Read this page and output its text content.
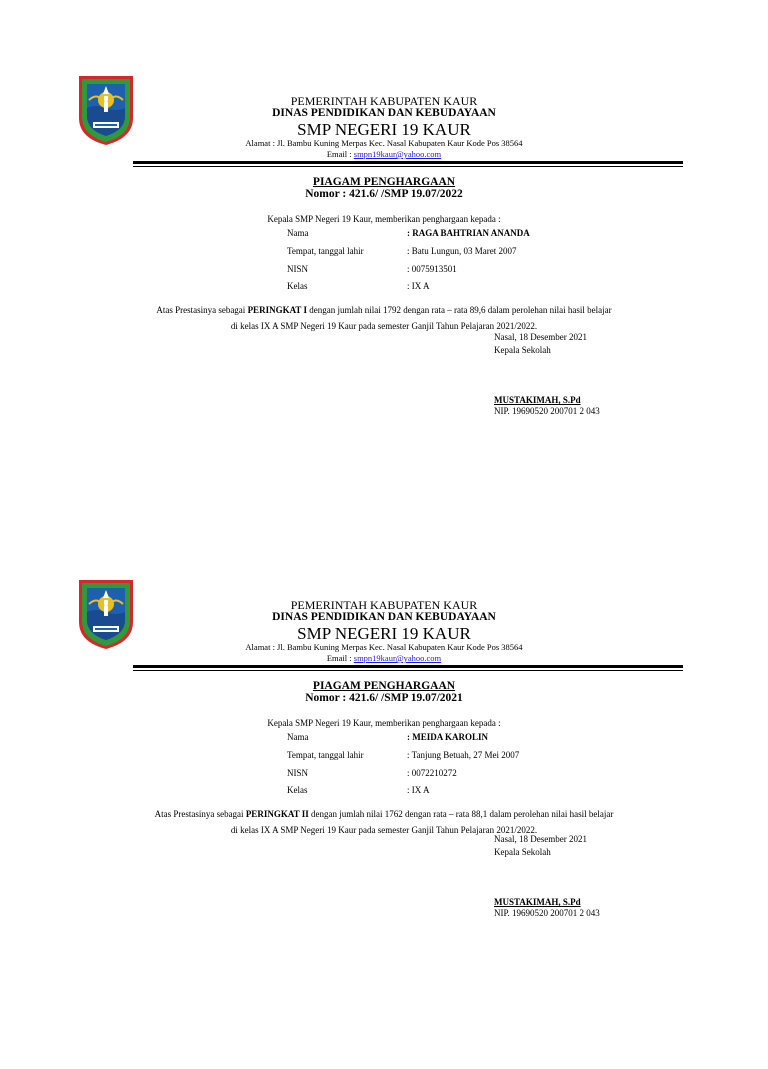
PEMERINTAH KABUPATEN KAUR
DINAS PENDIDIKAN DAN KEBUDAYAAN
SMP NEGERI 19 KAUR
Alamat : Jl. Bambu Kuning Merpas Kec. Nasal Kabupaten Kaur Kode Pos 38564
Email : smpn19kaur@yahoo.com
PIAGAM PENGHARGAAN
Nomor : 421.6/ /SMP 19.07/2022
Kepala SMP Negeri 19 Kaur, memberikan penghargaan kepada :
Nama	: RAGA BAHTRIAN ANANDA
Tempat, tanggal lahir	: Batu Lungun, 03 Maret 2007
NISN	: 0075913501
Kelas	: IX A
Atas Prestasinya sebagai PERINGKAT I dengan jumlah nilai 1792 dengan rata – rata 89,6 dalam perolehan nilai hasil belajar
di kelas IX A SMP Negeri 19 Kaur pada semester Ganjil Tahun Pelajaran 2021/2022.
Nasal, 18 Desember 2021
Kepala Sekolah
MUSTAKIMAH, S.Pd
NIP. 19690520 200701 2 043
PEMERINTAH KABUPATEN KAUR
DINAS PENDIDIKAN DAN KEBUDAYAAN
SMP NEGERI 19 KAUR
Alamat : Jl. Bambu Kuning Merpas Kec. Nasal Kabupaten Kaur Kode Pos 38564
Email : smpn19kaur@yahoo.com
PIAGAM PENGHARGAAN
Nomor : 421.6/ /SMP 19.07/2021
Kepala SMP Negeri 19 Kaur, memberikan penghargaan kepada :
Nama	: MEIDA KAROLIN
Tempat, tanggal lahir	: Tanjung Betuah, 27 Mei 2007
NISN	: 0072210272
Kelas	: IX A
Atas Prestasinya sebagai PERINGKAT II dengan jumlah nilai 1762 dengan rata – rata 88,1 dalam perolehan nilai hasil belajar
di kelas IX A SMP Negeri 19 Kaur pada semester Ganjil Tahun Pelajaran 2021/2022.
Nasal, 18 Desember 2021
Kepala Sekolah
MUSTAKIMAH, S.Pd
NIP. 19690520 200701 2 043
